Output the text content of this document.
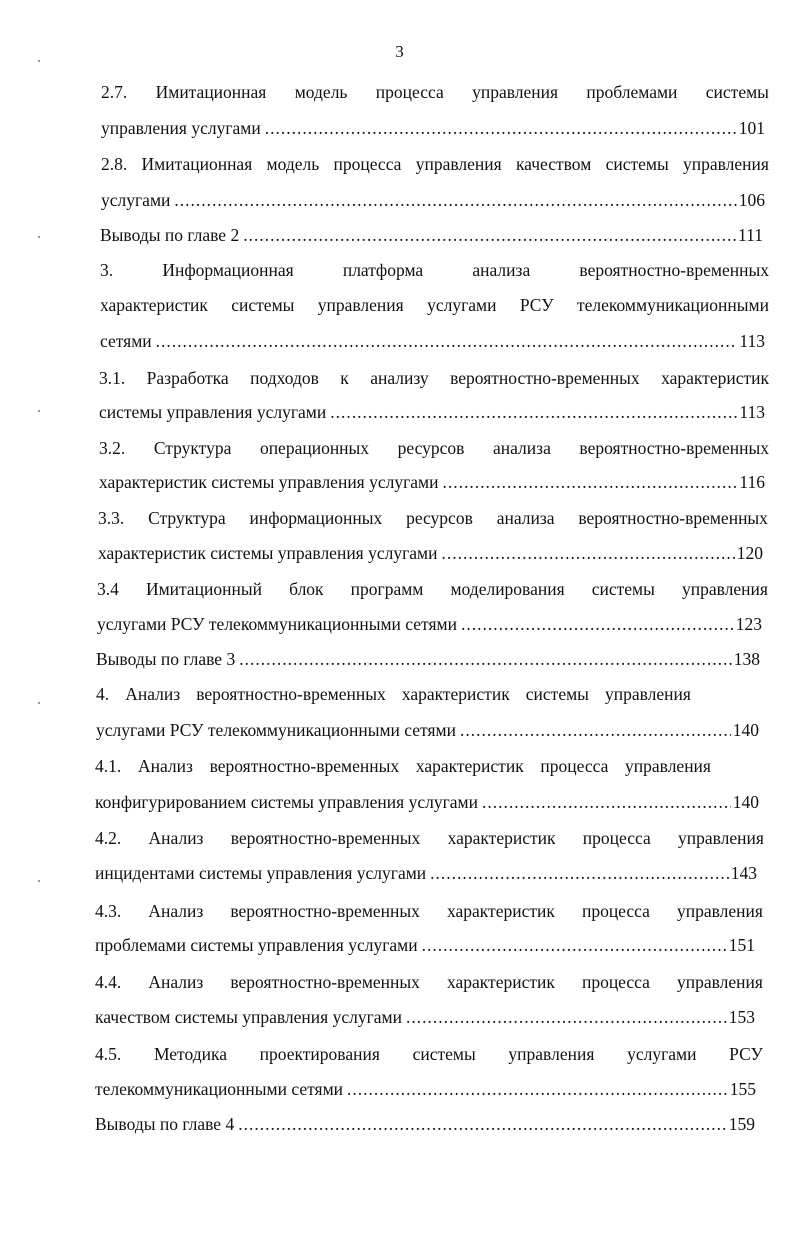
3
2.7. Имитационная модель процесса управления проблемами системы
управления услугами .....	101
2.8. Имитационная модель процесса управления качеством системы управления
услугами .....	106
Выводы по главе 2 .....	111
3.	Информационная	платформа	анализа	вероятностно-временных
характеристик системы управления услугами РСУ телекоммуникационными
сетями .....	113
3.1. Разработка подходов к анализу вероятностно-временных характеристик
системы управления услугами .....	113
3.2. Структура операционных ресурсов анализа вероятностно-временных
характеристик системы управления услугами .....	116
3.3. Структура информационных ресурсов анализа вероятностно-временных
характеристик системы управления услугами .....	120
3.4 Имитационный блок программ моделирования системы управления
услугами РСУ телекоммуникационными сетями .....	123
Выводы по главе 3 .....	138
4. Анализ вероятностно-временных характеристик системы управления
услугами РСУ телекоммуникационными сетями .....	140
4.1. Анализ вероятностно-временных характеристик процесса управления
конфигурированием системы управления услугами .....	140
4.2. Анализ вероятностно-временных характеристик процесса управления
инцидентами системы управления услугами .....	143
4.3. Анализ вероятностно-временных характеристик процесса управления
проблемами системы управления услугами .....	151
4.4. Анализ вероятностно-временных характеристик процесса управления
качеством системы управления услугами .....	153
4.5. Методика проектирования системы управления услугами РСУ
телекоммуникационными сетями .....	155
Выводы по главе 4 .....	159
